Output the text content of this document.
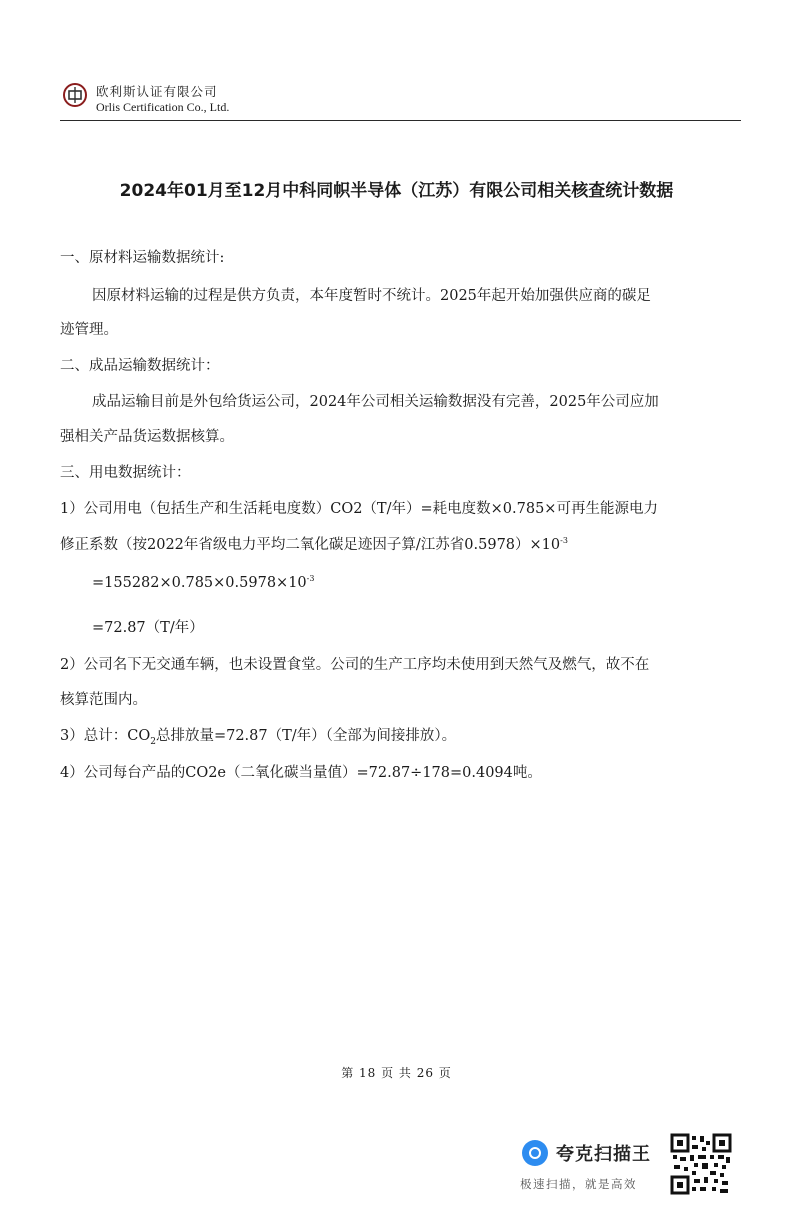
欧利斯认证有限公司
Orlis Certification Co., Ltd.
2024年01月至12月中科同帜半导体（江苏）有限公司相关核查统计数据
一、原材料运输数据统计:
因原材料运输的过程是供方负责，本年度暂时不统计。2025年起开始加强供应商的碳足
迹管理。
二、成品运输数据统计：
成品运输目前是外包给货运公司，2024年公司相关运输数据没有完善，2025年公司应加
强相关产品货运数据核算。
三、用电数据统计：
1）公司用电（包括生产和生活耗电度数）CO2（T/年）=耗电度数×0.785×可再生能源电力
修正系数（按2022年省级电力平均二氧化碳足迹因子算/江苏省$0.5978)\times 10^{-3}$
$=155282\times 0.785\times 0.5978\times 10^{-3}$
=72.87（T/年）
2）公司名下无交通车辆，也未设置食堂。公司的生产工序均未使用到天然气及燃气，故不在
核算范围内。
3）总计：$CO_2$总排放量=72.87（T/年）（全部为间接排放）。
4）公司每台产品的CO2e（二氧化碳当量值）=72.87÷178=0.4094吨。
第 18 页 共 26 页
夸克扫描王
极速扫描，就是高效
